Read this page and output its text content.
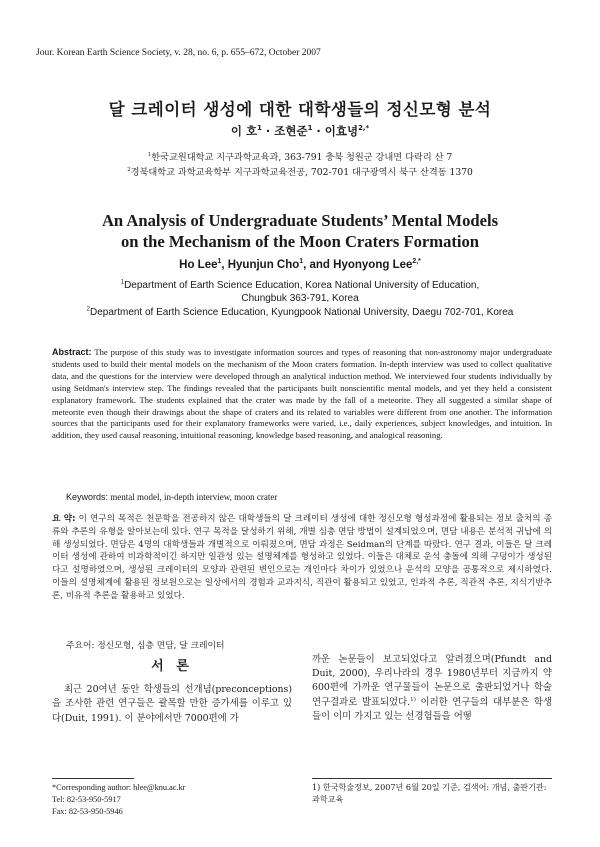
Jour. Korean Earth Science Society, v. 28, no. 6, p. 655–672, October 2007
달 크레이터 생성에 대한 대학생들의 정신모형 분석
이 호$^1$ · 조현준$^1$ · 이효녕$^{2,*}$
$^1$한국교원대학교 지구과학교육과, 363-791 충북 청원군 강내면 다락리 산 7
$^2$경북대학교 과학교육학부 지구과학교육전공, 702-701 대구광역시 북구 산격동 1370
An Analysis of Undergraduate Students’ Mental Models
on the Mechanism of the Moon Craters Formation
Ho Lee$^1$, Hyunjun Cho$^1$, and Hyonyong Lee$^{2,*}$
$^1$Department of Earth Science Education, Korea National University of Education,
Chungbuk 363-791, Korea
$^2$Department of Earth Science Education, Kyungpook National University, Daegu 702-701, Korea
Abstract: The purpose of this study was to investigate information sources and types of reasoning that non-astronomy major undergraduate students used to build their mental models on the mechanism of the Moon craters formation. In-depth interview was used to collect qualitative data, and the questions for the interview were developed through an analytical induction method. We interviewed four students individually by using Seidman's interview step. The findings revealed that the participants built nonscientific mental models, and yet they held a consistent explanatory framework. The students explained that the crater was made by the fall of a meteorite. They all suggested a similar shape of meteorite even though their drawings about the shape of craters and its related to variables were different from one another. The information sources that the participants used for their explanatory frameworks were varied, i.e., daily experiences, subject knowledges, and intuition. In addition, they used causal reasoning, intuitional reasoning, knowledge based reasoning, and analogical reasoning.
Keywords: mental model, in-depth interview, moon crater
요 약: 이 연구의 목적은 천문학을 전공하지 않은 대학생들의 달 크레이터 생성에 대한 정신모형 형성과정에 활용되는 정보 출처의 종류와 추론의 유형을 알아보는데 있다. 연구 목적을 달성하기 위해, 개별 심층 면담 방법이 설계되었으며, 면담 내용은 분석적 귀납에 의해 생성되었다. 면담은 4명의 대학생들과 개별적으로 이뤄졌으며, 면담 과정은 Seidman의 단계를 따랐다. 연구 결과, 이들은 달 크레이터 생성에 관하여 비과학적이긴 하지만 일관성 있는 설명체계를 형성하고 있었다. 이들은 대체로 운석 충돌에 의해 구덩이가 생성된다고 설명하였으며, 생성된 크레이터의 모양과 관련된 변인으로는 개인마다 차이가 있었으나 운석의 모양을 공통적으로 제시하였다. 이들의 설명체계에 활용된 정보원으로는 일상에서의 경험과 교과지식, 직관이 활용되고 있었고, 인과적 추론, 직관적 추론, 지식기반추론, 비유적 추론을 활용하고 있었다.
주요어: 정신모형, 심층 면담, 달 크레이터
서 론

최근 20여년 동안 학생들의 선개념(preconceptions)을 조사한 관련 연구들은 괄목할 만한 증가세를 이루고 있다(Duit, 1991). 이 분야에서만 7000편에 가

까운 논문들이 보고되었다고 알려졌으며(Pfundt and Duit, 2000), 우리나라의 경우 1980년부터 지금까지 약 600편에 가까운 연구물들이 논문으로 출판되었거나 학술연구결과로 발표되었다.$^{1)}$ 이러한 연구들의 대부분은 학생들이 이미 가지고 있는 선경험들을 어떻

*Corresponding author: hlee@knu.ac.kr
Tel: 82-53-950-5917
Fax: 82-53-950-5946
1) 한국학술정보, 2007년 6월 20일 기준, 검색어: 개념, 출판기관: 과학교육
